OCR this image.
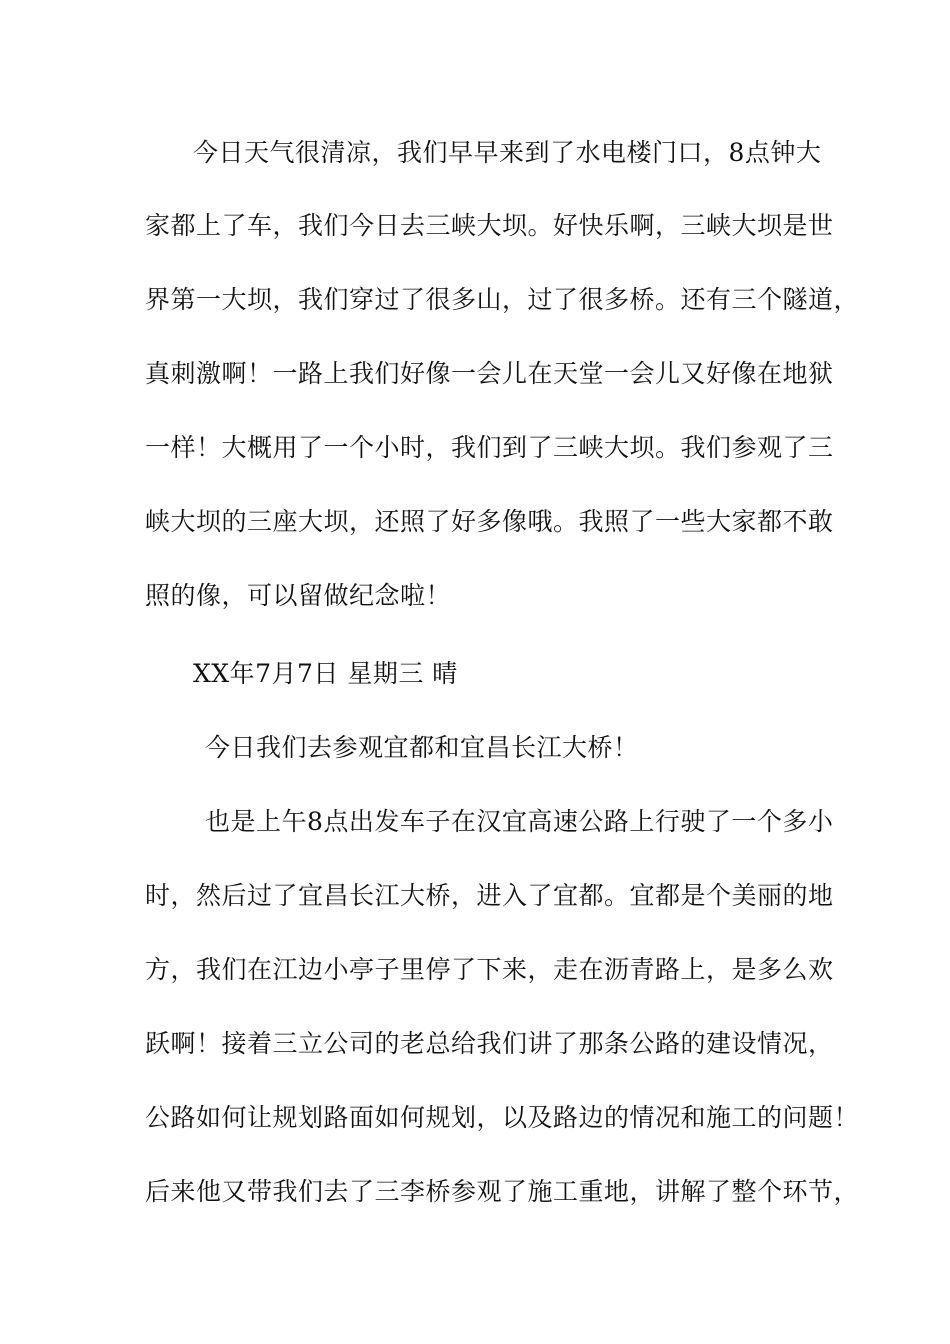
今日天气很清凉，我们早早来到了水电楼门口，8点钟大
家都上了车，我们今日去三峡大坝。好快乐啊，三峡大坝是世
界第一大坝，我们穿过了很多山，过了很多桥。还有三个隧道，
真刺激啊！一路上我们好像一会儿在天堂一会儿又好像在地狱
一样！大概用了一个小时，我们到了三峡大坝。我们参观了三
峡大坝的三座大坝，还照了好多像哦。我照了一些大家都不敢
照的像，可以留做纪念啦！
XX年7月7日 星期三 晴
今日我们去参观宜都和宜昌长江大桥！
也是上午8点出发车子在汉宜高速公路上行驶了一个多小
时，然后过了宜昌长江大桥，进入了宜都。宜都是个美丽的地
方，我们在江边小亭子里停了下来，走在沥青路上，是多么欢
跃啊！接着三立公司的老总给我们讲了那条公路的建设情况，
公路如何让规划路面如何规划，以及路边的情况和施工的问题！
后来他又带我们去了三李桥参观了施工重地，讲解了整个环节，
